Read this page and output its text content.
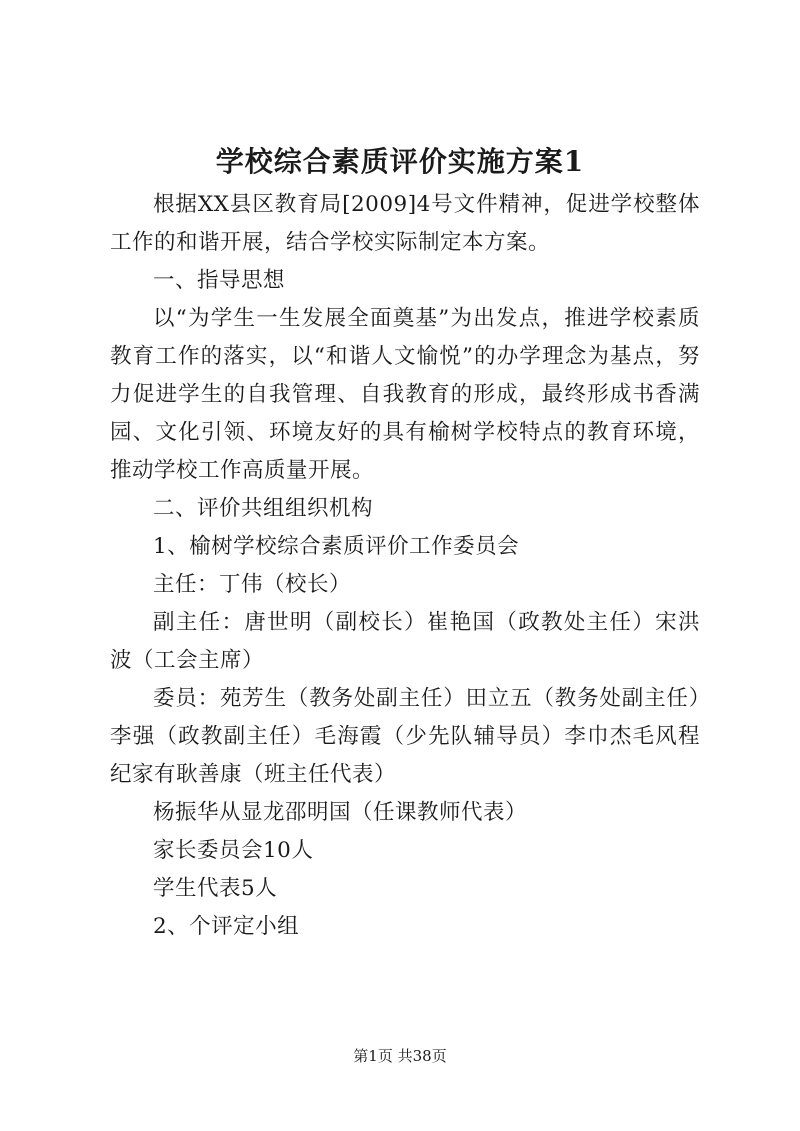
学校综合素质评价实施方案1

根据XX县区教育局[2009]4号文件精神，促进学校整体工作的和谐开展，结合学校实际制定本方案。

一、指导思想

以“为学生一生发展全面奠基”为出发点，推进学校素质教育工作的落实，以“和谐人文愉悦”的办学理念为基点，努力促进学生的自我管理、自我教育的形成，最终形成书香满园、文化引领、环境友好的具有榆树学校特点的教育环境，推动学校工作高质量开展。

二、评价共组组织机构

1、榆树学校综合素质评价工作委员会

主任：丁伟（校长）

副主任：唐世明（副校长）崔艳国（政教处主任）宋洪波（工会主席）

委员：苑芳生（教务处副主任）田立五（教务处副主任）李强（政教副主任）毛海霞（少先队辅导员）李巾杰毛风程纪家有耿善康（班主任代表）

杨振华从显龙邵明国（任课教师代表）

家长委员会10人

学生代表5人

2、个评定小组

第1页 共38页
